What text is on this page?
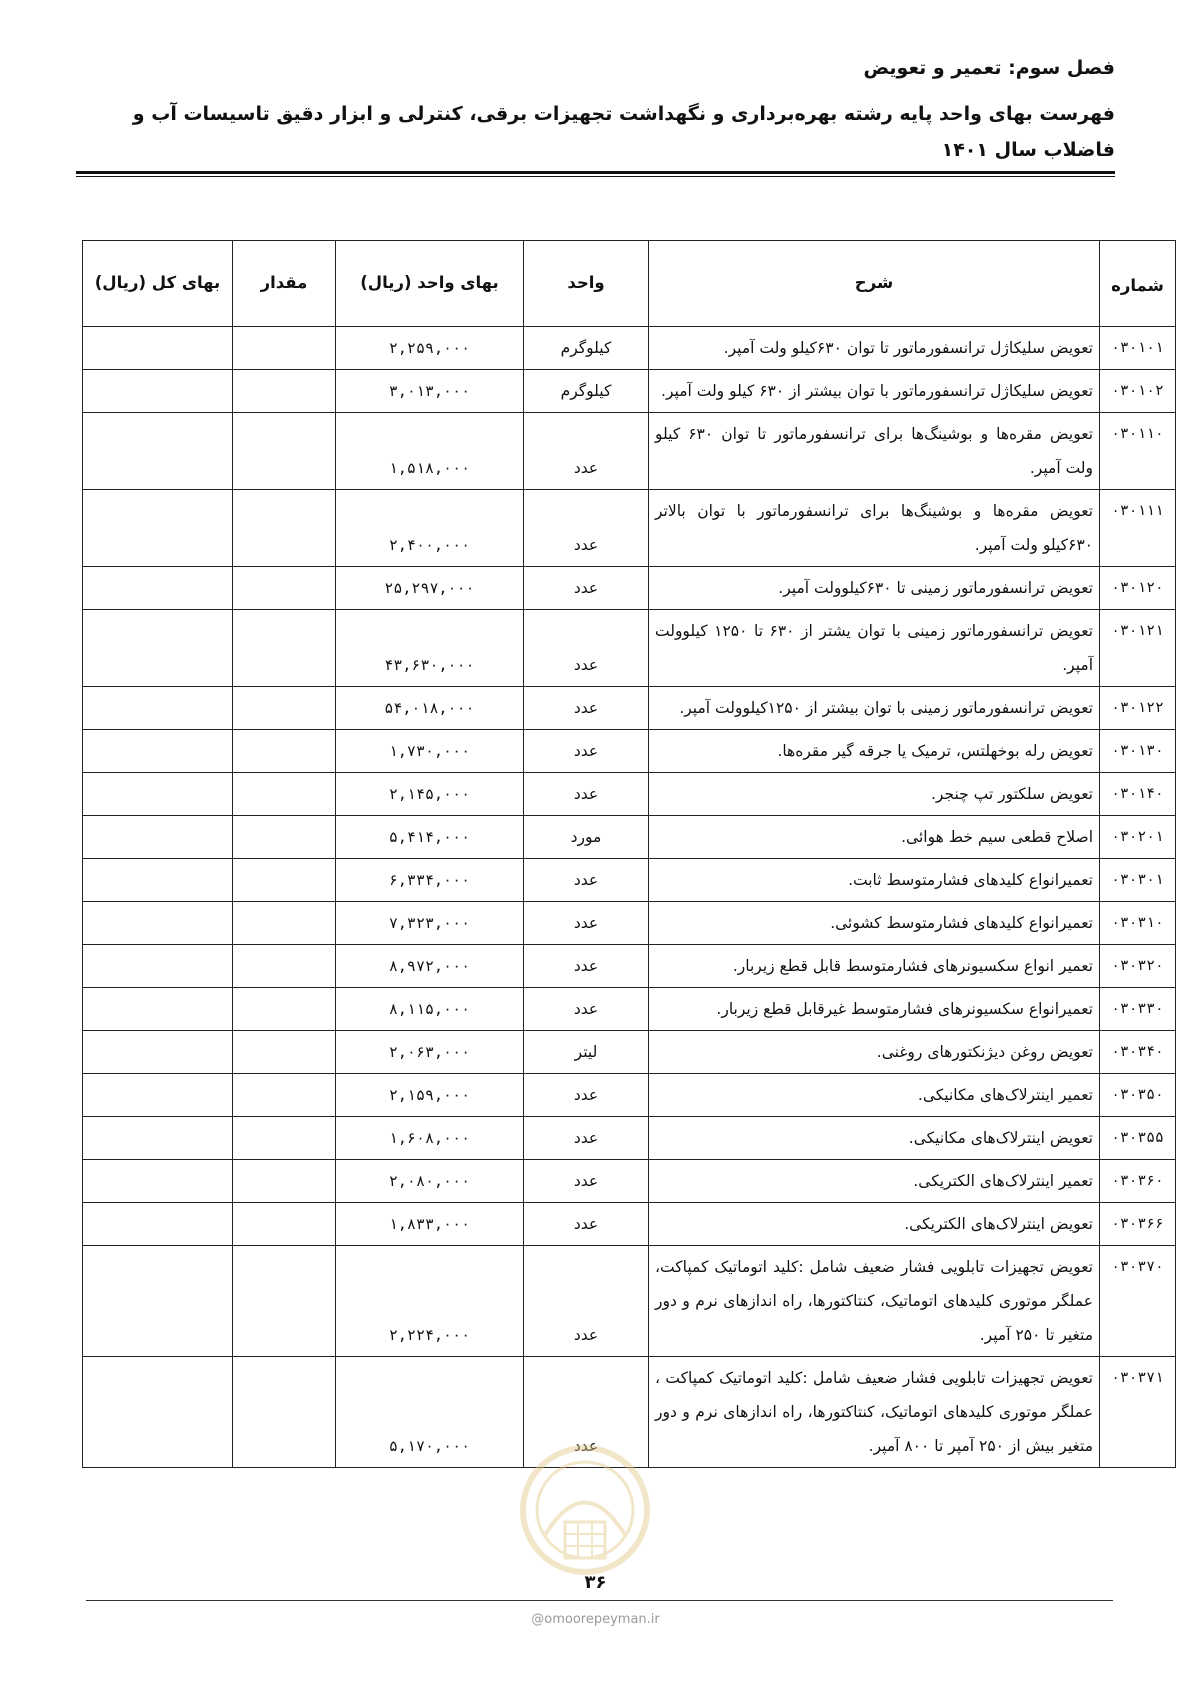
فصل سوم: تعمیر و تعویض
فهرست بهای واحد پایه رشته بهره‌برداری و نگهداشت تجهیزات برقی، کنترلی و ابزار دقیق تاسیسات آب و فاضلاب سال ۱۴۰۱
شماره	شرح	واحد	بهای واحد (ریال)	مقدار	بهای کل (ریال)
۰۳۰۱۰۱	تعویض سلیکاژل ترانسفورماتور تا توان ۶۳۰کیلو ولت آمپر.	کیلوگرم	۲,۲۵۹,۰۰۰		
۰۳۰۱۰۲	تعویض سلیکاژل ترانسفورماتور با توان بیشتر از ۶۳۰ کیلو ولت آمپر.	کیلوگرم	۳,۰۱۳,۰۰۰		
۰۳۰۱۱۰	تعویض مقره‌ها و بوشینگ‌ها برای ترانسفورماتور تا توان ۶۳۰ کیلو ولت آمپر.	عدد	۱,۵۱۸,۰۰۰		
۰۳۰۱۱۱	تعویض مقره‌ها و بوشینگ‌ها برای ترانسفورماتور با توان بالاتر ۶۳۰کیلو ولت آمپر.	عدد	۲,۴۰۰,۰۰۰		
۰۳۰۱۲۰	تعویض ترانسفورماتور زمینی تا ۶۳۰کیلوولت آمپر.	عدد	۲۵,۲۹۷,۰۰۰		
۰۳۰۱۲۱	تعویض ترانسفورماتور زمینی با توان یشتر از ۶۳۰ تا ۱۲۵۰ کیلوولت آمپر.	عدد	۴۳,۶۳۰,۰۰۰		
۰۳۰۱۲۲	تعویض ترانسفورماتور زمینی با توان بیشتر از ۱۲۵۰کیلوولت آمپر.	عدد	۵۴,۰۱۸,۰۰۰		
۰۳۰۱۳۰	تعویض رله بوخهلتس، ترمیک یا جرقه گیر مقره‌ها.	عدد	۱,۷۳۰,۰۰۰		
۰۳۰۱۴۰	تعویض سلکتور تپ چنجر.	عدد	۲,۱۴۵,۰۰۰		
۰۳۰۲۰۱	اصلاح قطعی سیم خط هوائی.	مورد	۵,۴۱۴,۰۰۰		
۰۳۰۳۰۱	تعمیرانواع کلیدهای فشارمتوسط ثابت.	عدد	۶,۳۳۴,۰۰۰		
۰۳۰۳۱۰	تعمیرانواع کلیدهای فشارمتوسط کشوئی.	عدد	۷,۳۲۳,۰۰۰		
۰۳۰۳۲۰	تعمیر انواع سکسیونرهای فشارمتوسط قابل قطع زیربار.	عدد	۸,۹۷۲,۰۰۰		
۰۳۰۳۳۰	تعمیرانواع سکسیونرهای فشارمتوسط غیرقابل قطع زیربار.	عدد	۸,۱۱۵,۰۰۰		
۰۳۰۳۴۰	تعویض روغن دیژنکتورهای روغنی.	لیتر	۲,۰۶۳,۰۰۰		
۰۳۰۳۵۰	تعمیر اینترلاک‌های مکانیکی.	عدد	۲,۱۵۹,۰۰۰		
۰۳۰۳۵۵	تعویض اینترلاک‌های مکانیکی.	عدد	۱,۶۰۸,۰۰۰		
۰۳۰۳۶۰	تعمیر اینترلاک‌های الکتریکی.	عدد	۲,۰۸۰,۰۰۰		
۰۳۰۳۶۶	تعویض اینترلاک‌های الکتریکی.	عدد	۱,۸۳۳,۰۰۰		
۰۳۰۳۷۰	تعویض تجهیزات تابلویی فشار ضعیف شامل :کلید اتوماتیک کمپاکت، عملگر موتوری کلیدهای اتوماتیک، کنتاکتورها، راه اندازهای نرم و دور متغیر تا ۲۵۰ آمپر.	عدد	۲,۲۲۴,۰۰۰		
۰۳۰۳۷۱	تعویض تجهیزات تابلویی فشار ضعیف شامل :کلید اتوماتیک کمپاکت ، عملگر موتوری کلیدهای اتوماتیک، کنتاکتورها، راه اندازهای نرم و دور متغیر بیش از ۲۵۰ آمپر تا ۸۰۰ آمپر.	عدد	۵,۱۷۰,۰۰۰		
۳۶
@omoorepeyman.ir
